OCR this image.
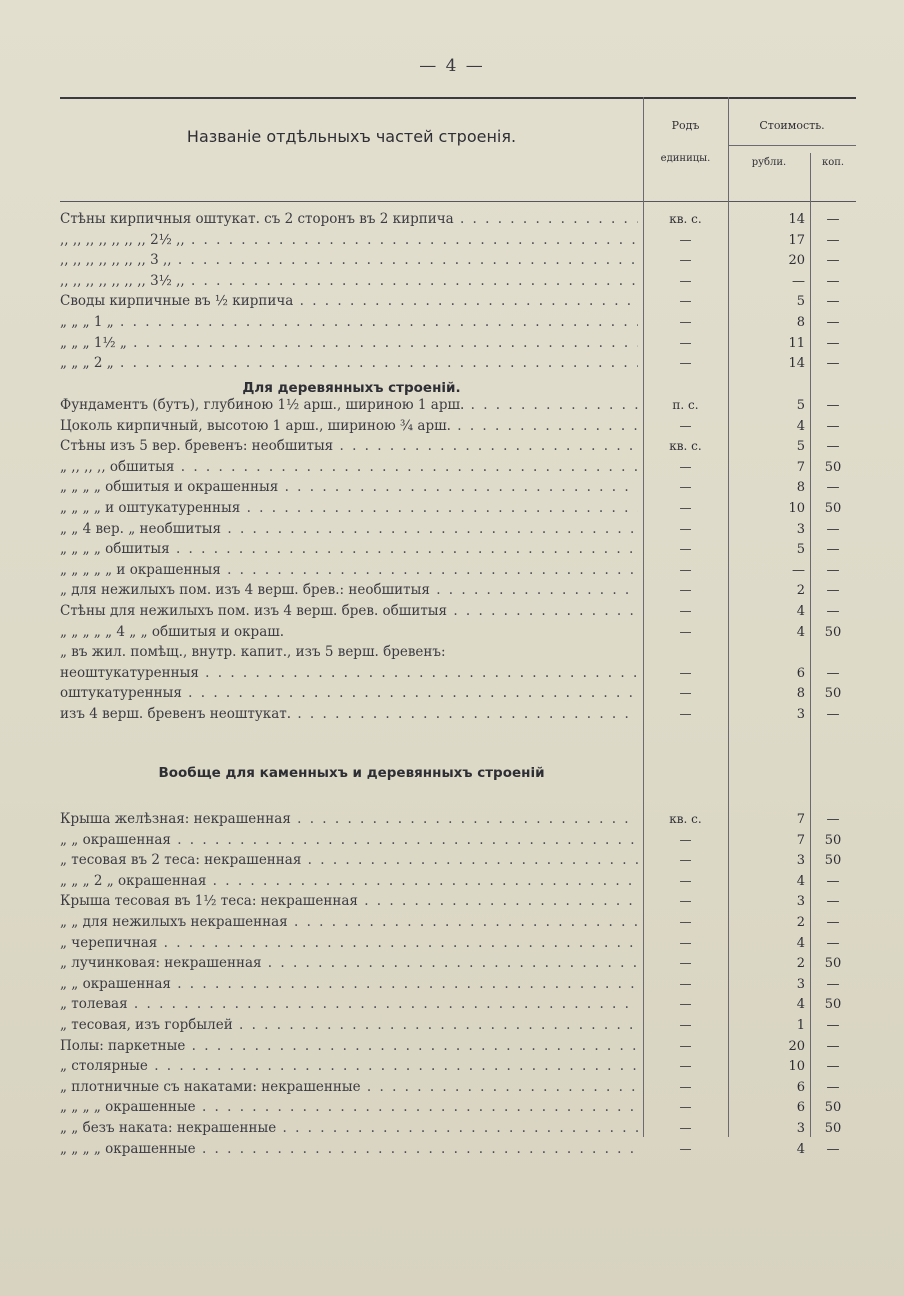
— 4 —
Названіе отдѣльныхъ частей строенія.
Родъ
единицы.
Стоимость.
рубли.	коп.
Стѣны кирпичныя оштукат. съ 2 сторонъ въ 2 кирпича . . .	кв. с.	14	—
,, ,, ,, ,, ,, ,, ,, 2½ ,, . . .	—	17	—
,, ,, ,, ,, ,, ,, ,, 3 ,, . . .	—	20	—
,, ,, ,, ,, ,, ,, ,, 3½ ,, . . .	—	—	—
Своды кирпичные въ ½ кирпича . . .	—	5	—
„ „ „ 1 „ . . .	—	8	—
„ „ „ 1½ „ . . .	—	11	—
„ „ „ 2 „ . . .	—	14	—
Для деревянныхъ строеній.
Фундаментъ (бутъ), глубиною 1½ арш., шириною 1 арш. . . .	п. с.	5	—
Цоколь кирпичный, высотою 1 арш., шириною ¾ арш. . . .	—	4	—
Стѣны изъ 5 вер. бревенъ: необшитыя . . .	кв. с.	5	—
„ ,, ,, ,, обшитыя . . .	—	7	50
„ „ „ „ обшитыя и окрашенныя . . .	—	8	—
„ „ „ „ и оштукатуренныя . . .	—	10	50
„ „ 4 вер. „ необшитыя . . .	—	3	—
„ „ „ „ обшитыя . . .	—	5	—
„ „ „ „ „ и окрашенныя . . .	—	—	—
„ для нежилыхъ пом. изъ 4 верш. брев.: необшитыя . . .	—	2	—
Стѣны для нежилыхъ пом. изъ 4 верш. брев. обшитыя . . .	—	4	—
„ „ „ „ „ 4 „ „ обшитыя и окраш.	—	4	50
„ въ жил. помѣщ., внутр. капит., изъ 5 верш. бревенъ:
неоштукатуренныя . . .	—	6	—
оштукатуренныя . . .	—	8	50
изъ 4 верш. бревенъ неоштукат. . . .	—	3	—
Вообще для каменныхъ и деревянныхъ строеній
Крыша желѣзная: некрашенная . . .	кв. с.	7	—
„ „ окрашенная . . .	—	7	50
„ тесовая въ 2 теса: некрашенная . . .	—	3	50
„ „ „ 2 „ окрашенная . . .	—	4	—
Крыша тесовая въ 1½ теса: некрашенная . . .	—	3	—
„ „ для нежилыхъ некрашенная . . .	—	2	—
„ черепичная . . .	—	4	—
„ лучинковая: некрашенная . . .	—	2	50
„ „ окрашенная . . .	—	3	—
„ толевая . . .	—	4	50
„ тесовая, изъ горбылей . . .	—	1	—
Полы: паркетные . . .	—	20	—
„ столярные . . .	—	10	—
„ плотничные съ накатами: некрашенные . . .	—	6	—
„ „ „ „ окрашенные . . .	—	6	50
„ „ безъ наката: некрашенные . . .	—	3	50
„ „ „ „ окрашенные . . .	—	4	—
